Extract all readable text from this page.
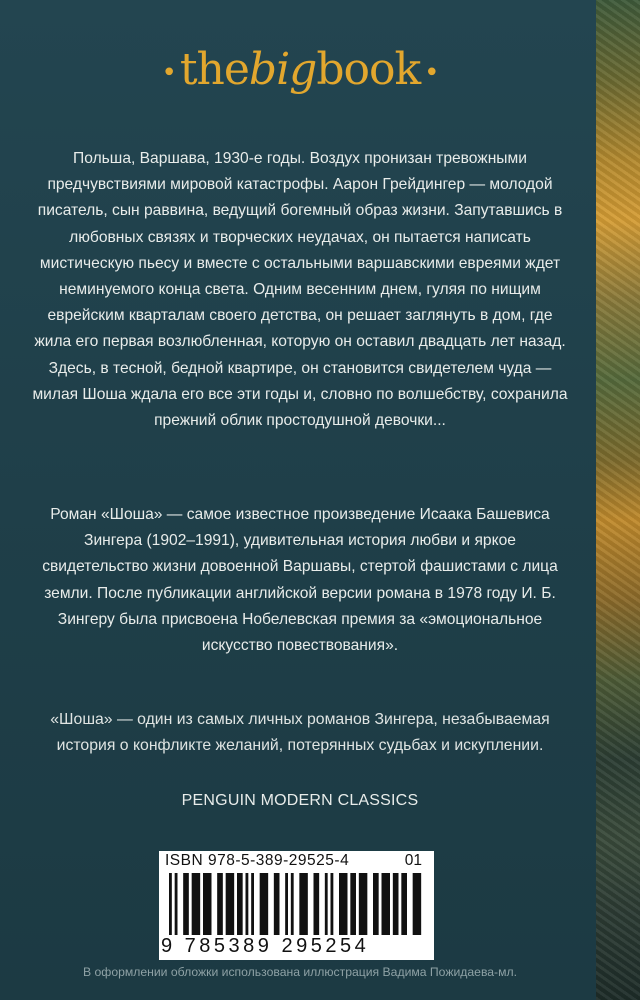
•thebigbook •
Польша, Варшава, 1930-е годы. Воздух пронизан тревожными предчувствиями мировой катастрофы. Аарон Грейдингер — молодой писатель, сын раввина, ведущий богемный образ жизни. Запутавшись в любовных связях и творческих неудачах, он пытается написать мистическую пьесу и вместе с остальными варшавскими евреями ждет неминуемого конца света. Одним весенним днем, гуляя по нищим еврейским кварталам своего детства, он решает заглянуть в дом, где жила его первая возлюбленная, которую он оставил двадцать лет назад. Здесь, в тесной, бедной квартире, он становится свидетелем чуда — милая Шоша ждала его все эти годы и, словно по волшебству, сохранила прежний облик простодушной девочки...
Роман «Шоша» — самое известное произведение Исаака Башевиса Зингера (1902–1991), удивительная история любви и яркое свидетельство жизни довоенной Варшавы, стертой фашистами с лица земли. После публикации английской версии романа в 1978 году И. Б. Зингеру была присвоена Нобелевская премия за «эмоциональное искусство повествования».
«Шоша» — один из самых личных романов Зингера, незабываемая история о конфликте желаний, потерянных судьбах и искуплении.
PENGUIN MODERN CLASSICS
ISBN 978-5-389-29525-4	01
9 785389 295254
В оформлении обложки использована иллюстрация Вадима Пожидаева-мл.
